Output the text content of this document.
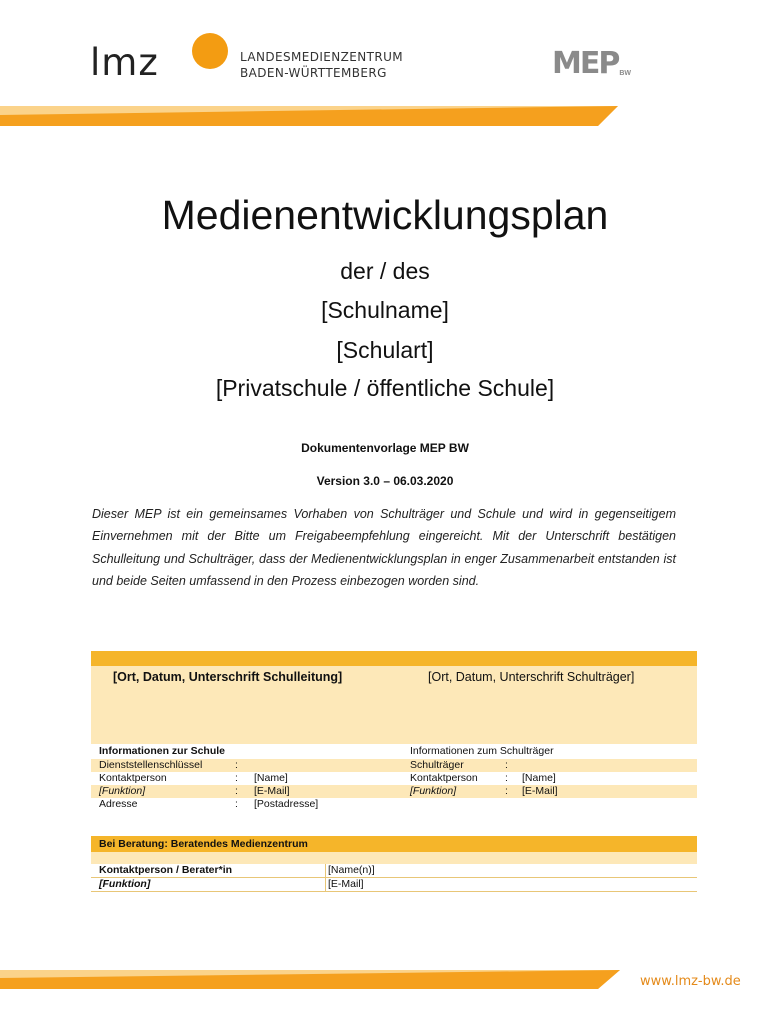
lmz	LANDESMEDIENZENTRUM
BADEN-WÜRTTEMBERG	MEP BW
Medienentwicklungsplan
der / des
[Schulname]
[Schulart]
[Privatschule / öffentliche Schule]
Dokumentenvorlage MEP BW
Version 3.0 – 06.03.2020
Dieser MEP ist ein gemeinsames Vorhaben von Schulträger und Schule und wird in gegenseitigem Einvernehmen mit der Bitte um Freigabeempfehlung eingereicht. Mit der Unterschrift bestätigen Schulleitung und Schulträger, dass der Medienentwicklungsplan in enger Zusammenarbeit entstanden ist und beide Seiten umfassend in den Prozess einbezogen worden sind.
[Ort, Datum, Unterschrift Schulleitung]	[Ort, Datum, Unterschrift Schulträger]
Informationen zur Schule	Informationen zum Schulträger
Dienststellenschlüssel	:	Schulträger	:
Kontaktperson	: [Name]	Kontaktperson	: [Name]
[Funktion]	: [E-Mail]	[Funktion]	: [E-Mail]
Adresse	: [Postadresse]
Bei Beratung: Beratendes Medienzentrum
Kontaktperson / Berater*in	[Name(n)]
[Funktion]	[E-Mail]
www.lmz-bw.de
